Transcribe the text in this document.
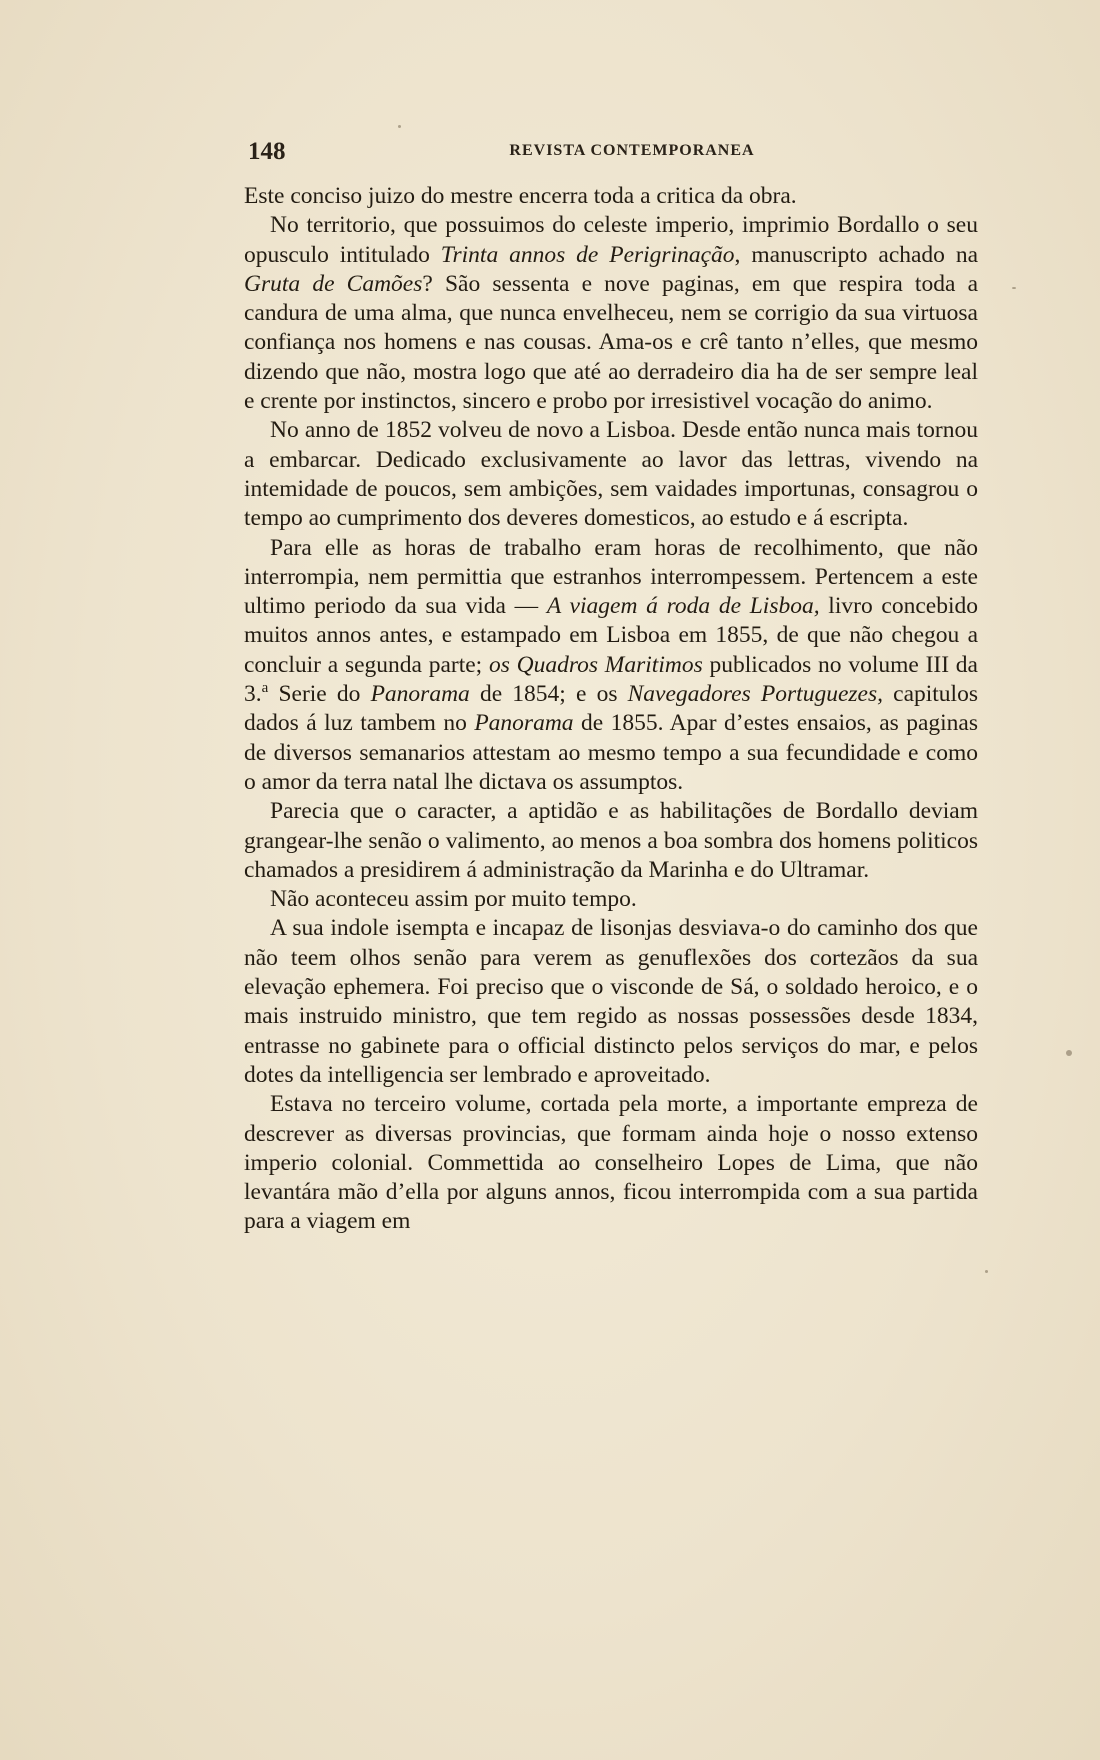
148	REVISTA CONTEMPORANEA

Este conciso juizo do mestre encerra toda a critica da obra.

No territorio, que possuimos do celeste imperio, imprimio Bordallo o seu opusculo intitulado Trinta annos de Perigrinação, manuscripto achado na Gruta de Camões? São sessenta e nove paginas, em que respira toda a candura de uma alma, que nunca envelheceu, nem se corrigio da sua virtuosa confiança nos homens e nas cousas. Ama-os e crê tanto n’elles, que mesmo dizendo que não, mostra logo que até ao derradeiro dia ha de ser sempre leal e crente por instinctos, sincero e probo por irresistivel vocação do animo.

No anno de 1852 volveu de novo a Lisboa. Desde então nunca mais tornou a embarcar. Dedicado exclusivamente ao lavor das lettras, vivendo na intemidade de poucos, sem ambições, sem vaidades importunas, consagrou o tempo ao cumprimento dos deveres domesticos, ao estudo e á escripta.

Para elle as horas de trabalho eram horas de recolhimento, que não interrompia, nem permittia que estranhos interrompessem. Pertencem a este ultimo periodo da sua vida — A viagem á roda de Lisboa, livro concebido muitos annos antes, e estampado em Lisboa em 1855, de que não chegou a concluir a segunda parte; os Quadros Maritimos publicados no volume III da 3.$^a$ Serie do Panorama de 1854; e os Navegadores Portuguezes, capitulos dados á luz tambem no Panorama de 1855. Apar d’estes ensaios, as paginas de diversos semanarios attestam ao mesmo tempo a sua fecundidade e como o amor da terra natal lhe dictava os assumptos.

Parecia que o caracter, a aptidão e as habilitações de Bordallo deviam grangear-lhe senão o valimento, ao menos a boa sombra dos homens politicos chamados a presidirem á administração da Marinha e do Ultramar.

Não aconteceu assim por muito tempo.

A sua indole isempta e incapaz de lisonjas desviava-o do caminho dos que não teem olhos senão para verem as genuflexões dos cortezãos da sua elevação ephemera. Foi preciso que o visconde de Sá, o soldado heroico, e o mais instruido ministro, que tem regido as nossas possessões desde 1834, entrasse no gabinete para o official distincto pelos serviços do mar, e pelos dotes da intelligencia ser lembrado e aproveitado.

Estava no terceiro volume, cortada pela morte, a importante empreza de descrever as diversas provincias, que formam ainda hoje o nosso extenso imperio colonial. Commettida ao conselheiro Lopes de Lima, que não levantára mão d’ella por alguns annos, ficou interrompida com a sua partida para a viagem em
